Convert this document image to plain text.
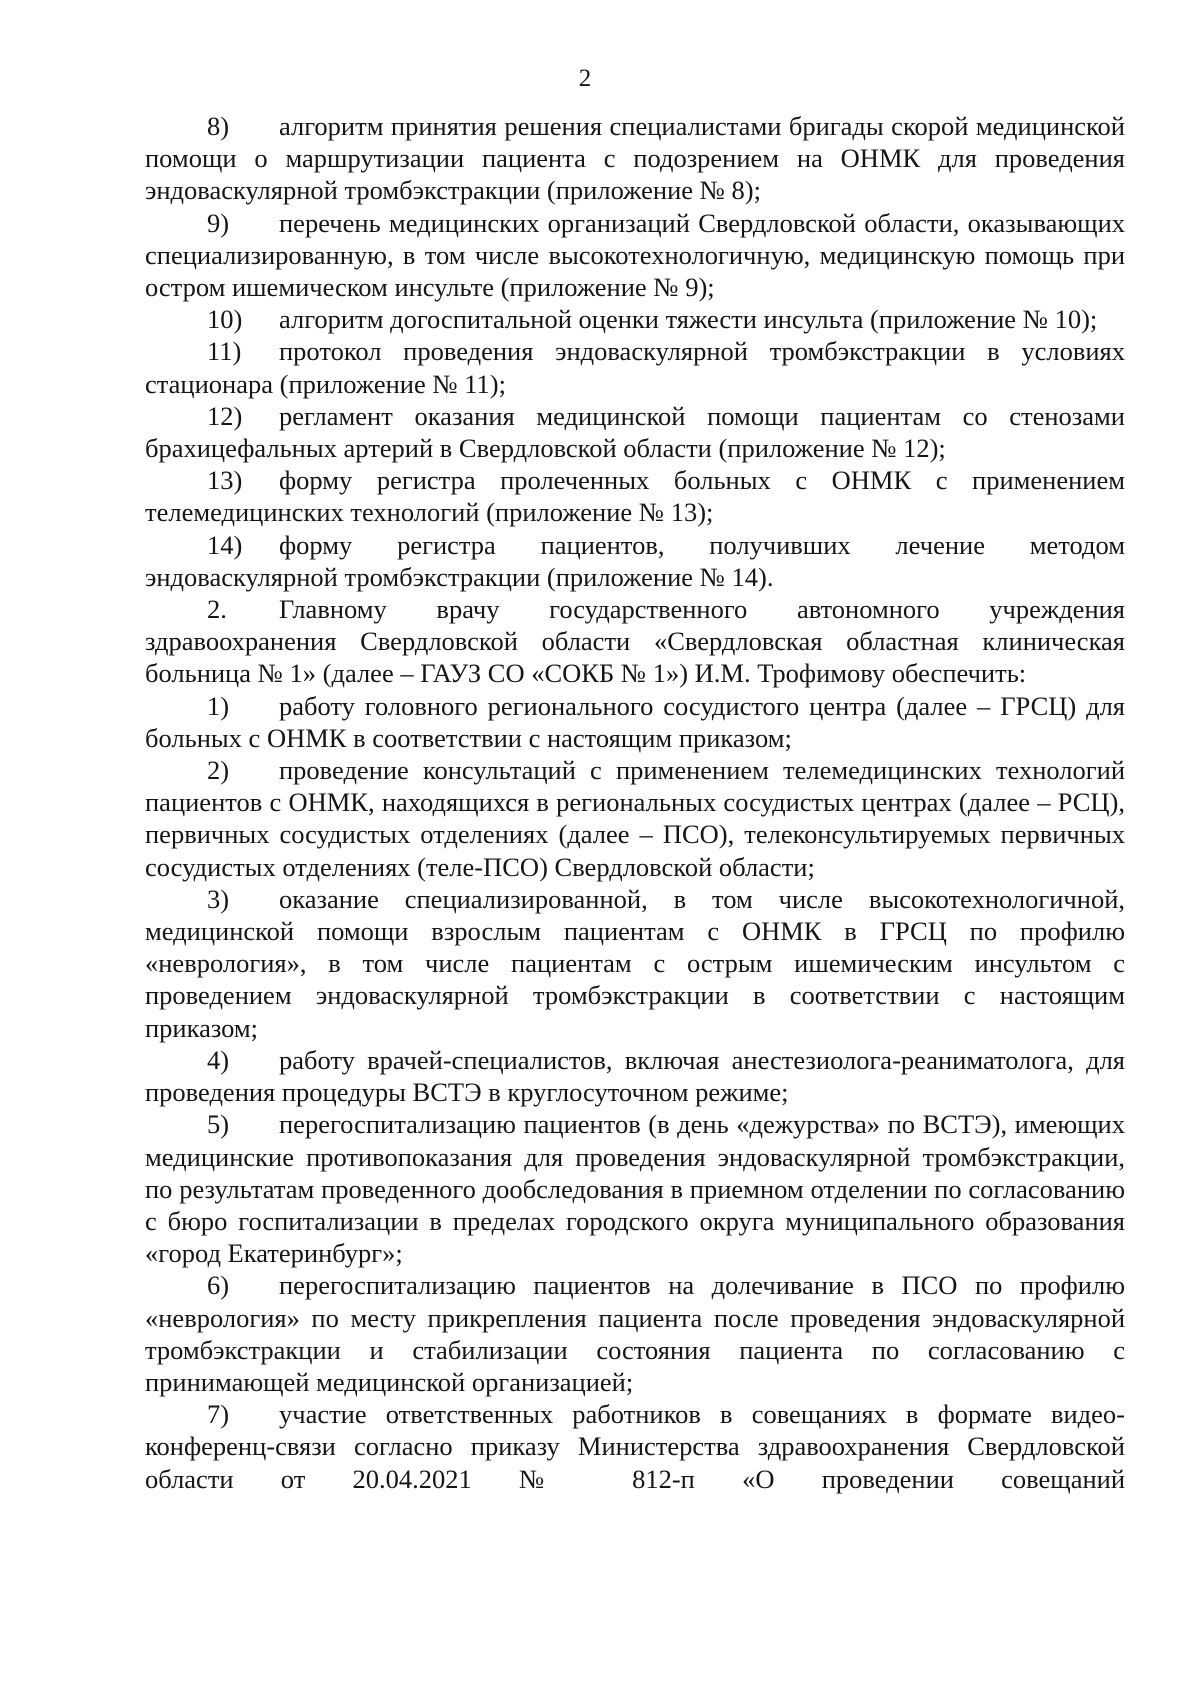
2

8) алгоритм принятия решения специалистами бригады скорой медицинской помощи о маршрутизации пациента с подозрением на ОНМК для проведения эндоваскулярной тромбэкстракции (приложение № 8);

9) перечень медицинских организаций Свердловской области, оказывающих специализированную, в том числе высокотехнологичную, медицинскую помощь при остром ишемическом инсульте (приложение № 9);

10) алгоритм догоспитальной оценки тяжести инсульта (приложение № 10);

11) протокол проведения эндоваскулярной тромбэкстракции в условиях стационара (приложение № 11);

12) регламент оказания медицинской помощи пациентам со стенозами брахицефальных артерий в Свердловской области (приложение № 12);

13) форму регистра пролеченных больных с ОНМК с применением телемедицинских технологий (приложение № 13);

14) форму регистра пациентов, получивших лечение методом эндоваскулярной тромбэкстракции (приложение № 14).

2. Главному врачу государственного автономного учреждения здравоохранения Свердловской области «Свердловская областная клиническая больница № 1» (далее – ГАУЗ СО «СОКБ № 1») И.М. Трофимову обеспечить:

1) работу головного регионального сосудистого центра (далее – ГРСЦ) для больных с ОНМК в соответствии с настоящим приказом;

2) проведение консультаций с применением телемедицинских технологий пациентов с ОНМК, находящихся в региональных сосудистых центрах (далее – РСЦ), первичных сосудистых отделениях (далее – ПСО), телеконсультируемых первичных сосудистых отделениях (теле-ПСО) Свердловской области;

3) оказание специализированной, в том числе высокотехнологичной, медицинской помощи взрослым пациентам с ОНМК в ГРСЦ по профилю «неврология», в том числе пациентам с острым ишемическим инсультом с проведением эндоваскулярной тромбэкстракции в соответствии с настоящим приказом;

4) работу врачей-специалистов, включая анестезиолога-реаниматолога, для проведения процедуры ВСТЭ в круглосуточном режиме;

5) перегоспитализацию пациентов (в день «дежурства» по ВСТЭ), имеющих медицинские противопоказания для проведения эндоваскулярной тромбэкстракции, по результатам проведенного дообследования в приемном отделении по согласованию с бюро госпитализации в пределах городского округа муниципального образования «город Екатеринбург»;

6) перегоспитализацию пациентов на долечивание в ПСО по профилю «неврология» по месту прикрепления пациента после проведения эндоваскулярной тромбэкстракции и стабилизации состояния пациента по согласованию с принимающей медицинской организацией;

7) участие ответственных работников в совещаниях в формате видео-конференц-связи согласно приказу Министерства здравоохранения Свердловской области от 20.04.2021 № 812-п «О проведении совещаний
